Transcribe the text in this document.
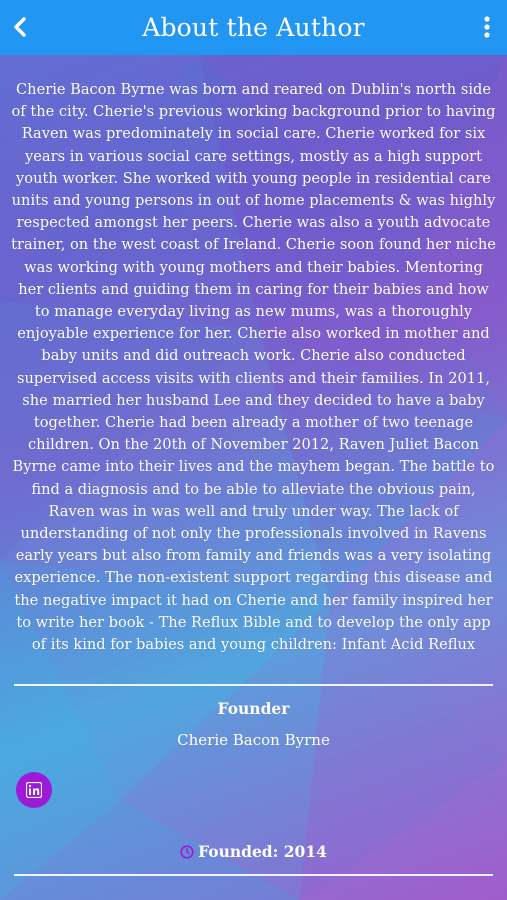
About the Author

Cherie Bacon Byrne was born and reared on Dublin's north side of the city. Cherie's previous working background prior to having Raven was predominately in social care. Cherie worked for six years in various social care settings, mostly as a high support youth worker. She worked with young people in residential care units and young persons in out of home placements & was highly respected amongst her peers. Cherie was also a youth advocate trainer, on the west coast of Ireland. Cherie soon found her niche was working with young mothers and their babies. Mentoring her clients and guiding them in caring for their babies and how to manage everyday living as new mums, was a thoroughly enjoyable experience for her. Cherie also worked in mother and baby units and did outreach work. Cherie also conducted supervised access visits with clients and their families. In 2011, she married her husband Lee and they decided to have a baby together. Cherie had been already a mother of two teenage children. On the 20th of November 2012, Raven Juliet Bacon Byrne came into their lives and the mayhem began. The battle to find a diagnosis and to be able to alleviate the obvious pain, Raven was in was well and truly under way. The lack of understanding of not only the professionals involved in Ravens early years but also from family and friends was a very isolating experience. The non-existent support regarding this disease and the negative impact it had on Cherie and her family inspired her to write her book - The Reflux Bible and to develop the only app of its kind for babies and young children: Infant Acid Reflux

Founder
Cherie Bacon Byrne
Founded: 2014
